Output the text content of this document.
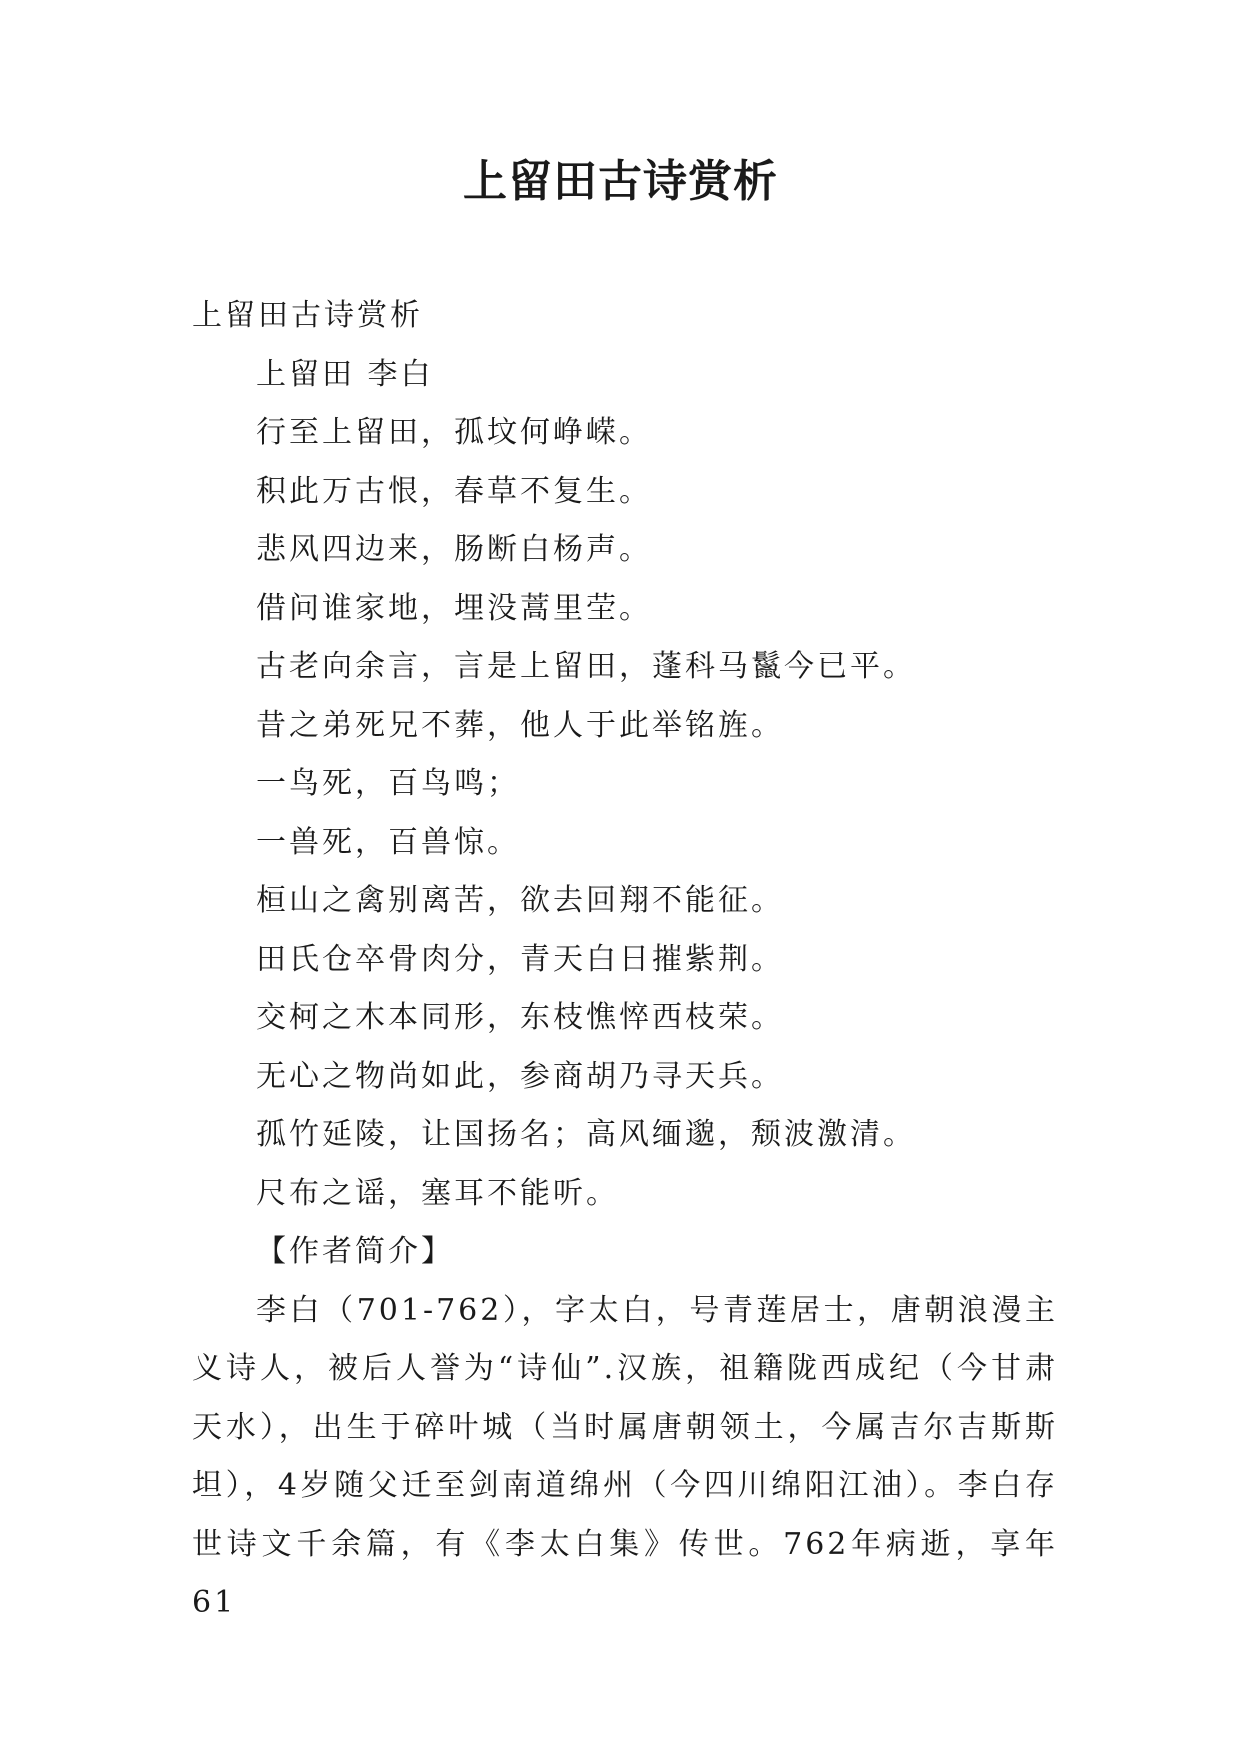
上留田古诗赏析
上留田古诗赏析
上留田 李白
行至上留田，孤坟何峥嵘。
积此万古恨，春草不复生。
悲风四边来，肠断白杨声。
借问谁家地，埋没蒿里茔。
古老向余言，言是上留田，蓬科马鬣今已平。
昔之弟死兄不葬，他人于此举铭旌。
一鸟死，百鸟鸣；
一兽死，百兽惊。
桓山之禽别离苦，欲去回翔不能征。
田氏仓卒骨肉分，青天白日摧紫荆。
交柯之木本同形，东枝憔悴西枝荣。
无心之物尚如此，参商胡乃寻天兵。
孤竹延陵，让国扬名；高风缅邈，颓波激清。
尺布之谣，塞耳不能听。
【作者简介】

李白（701-762），字太白，号青莲居士，唐朝浪漫主义诗人，被后人誉为“诗仙”.汉族，祖籍陇西成纪（今甘肃天水），出生于碎叶城（当时属唐朝领土，今属吉尔吉斯斯坦），4岁随父迁至剑南道绵州（今四川绵阳江油）。李白存世诗文千余篇，有《李太白集》传世。762年病逝，享年61
